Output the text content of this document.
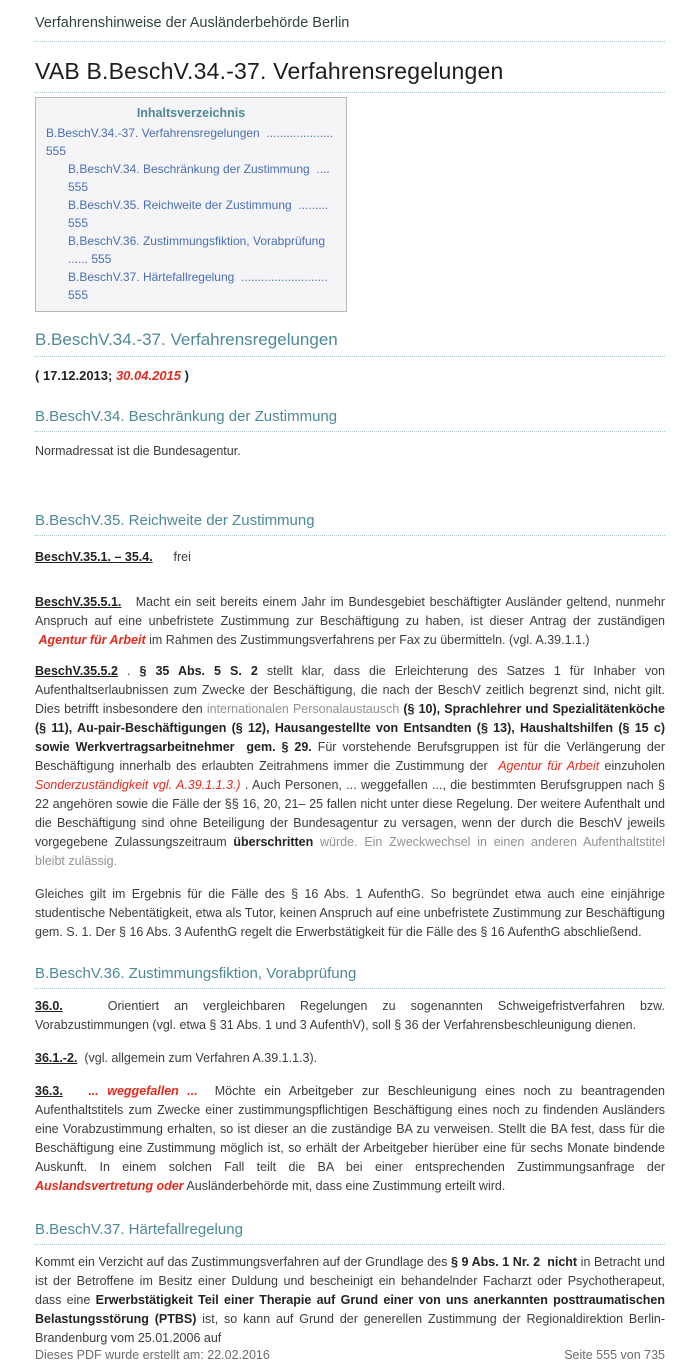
Verfahrenshinweise der Ausländerbehörde Berlin
VAB B.BeschV.34.-37. Verfahrensregelungen
Inhaltsverzeichnis
B.BeschV.34.-37. Verfahrensregelungen  .................... 555
B.BeschV.34. Beschränkung der Zustimmung  .... 555
B.BeschV.35. Reichweite der Zustimmung  ......... 555
B.BeschV.36. Zustimmungsfiktion, Vorabprüfung  ...... 555
B.BeschV.37. Härtefallregelung  .......................... 555
B.BeschV.34.-37. Verfahrensregelungen

( 17.12.2013; 30.04.2015 )

B.BeschV.34. Beschränkung der Zustimmung

Normadressat ist die Bundesagentur.

B.BeschV.35. Reichweite der Zustimmung

BeschV.35.1. – 35.4.      frei

BeschV.35.5.1.   Macht ein seit bereits einem Jahr im Bundesgebiet beschäftigter Ausländer geltend, nunmehr Anspruch auf eine unbefristete Zustimmung zur Beschäftigung zu haben, ist dieser Antrag der zuständigen  Agentur für Arbeit im Rahmen des Zustimmungsverfahrens per Fax zu übermitteln. (vgl. A.39.1.1.)

BeschV.35.5.2 . § 35 Abs. 5 S. 2 stellt klar, dass die Erleichterung des Satzes 1 für Inhaber von Aufenthaltserlaubnissen zum Zwecke der Beschäftigung, die nach der BeschV zeitlich begrenzt sind, nicht gilt. Dies betrifft insbesondere den internationalen Personalaustausch (§ 10), Sprachlehrer und Spezialitätenköche (§ 11), Au-pair-Beschäftigungen (§ 12), Hausangestellte von Entsandten (§ 13), Haushaltshilfen (§ 15 c) sowie Werkvertragsarbeitnehmer  gem. § 29. Für vorstehende Berufsgruppen ist für die Verlängerung der Beschäftigung innerhalb des erlaubten Zeitrahmens immer die Zustimmung der  Agentur für Arbeit einzuholen Sonderzuständigkeit vgl. A.39.1.1.3.) . Auch Personen, ... weggefallen ..., die bestimmten Berufsgruppen nach § 22 angehören sowie die Fälle der §§ 16, 20, 21– 25 fallen nicht unter diese Regelung. Der weitere Aufenthalt und die Beschäftigung sind ohne Beteiligung der Bundesagentur zu versagen, wenn der durch die BeschV jeweils vorgegebene Zulassungszeitraum überschritten würde. Ein Zweckwechsel in einen anderen Aufenthaltstitel bleibt zulässig.

Gleiches gilt im Ergebnis für die Fälle des § 16 Abs. 1 AufenthG. So begründet etwa auch eine einjährige studentische Nebentätigkeit, etwa als Tutor, keinen Anspruch auf eine unbefristete Zustimmung zur Beschäftigung gem. S. 1. Der § 16 Abs. 3 AufenthG regelt die Erwerbstätigkeit für die Fälle des § 16 AufenthG abschließend.

B.BeschV.36. Zustimmungsfiktion, Vorabprüfung

36.0.   Orientiert an vergleichbaren Regelungen zu sogenannten Schweigefristverfahren bzw. Vorabzustimmungen (vgl. etwa § 31 Abs. 1 und 3 AufenthV), soll § 36 der Verfahrensbeschleunigung dienen.

36.1.-2.  (vgl. allgemein zum Verfahren A.39.1.1.3).

36.3. ... weggefallen ...  Möchte ein Arbeitgeber zur Beschleunigung eines noch zu beantragenden Aufenthaltstitels zum Zwecke einer zustimmungspflichtigen Beschäftigung eines noch zu findenden Ausländers eine Vorabzustimmung erhalten, so ist dieser an die zuständige BA zu verweisen. Stellt die BA fest, dass für die Beschäftigung eine Zustimmung möglich ist, so erhält der Arbeitgeber hierüber eine für sechs Monate bindende Auskunft. In einem solchen Fall teilt die BA bei einer entsprechenden Zustimmungsanfrage der Auslandsvertretung oder Ausländerbehörde mit, dass eine Zustimmung erteilt wird.

B.BeschV.37. Härtefallregelung

Kommt ein Verzicht auf das Zustimmungsverfahren auf der Grundlage des § 9 Abs. 1 Nr. 2  nicht in Betracht und ist der Betroffene im Besitz einer Duldung und bescheinigt ein behandelnder Facharzt oder Psychotherapeut, dass eine Erwerbstätigkeit Teil einer Therapie auf Grund einer von uns anerkannten posttraumatischen Belastungsstörung (PTBS) ist, so kann auf Grund der generellen Zustimmung der Regionaldirektion Berlin-Brandenburg vom 25.01.2006 auf

Dieses PDF wurde erstellt am: 22.02.2016	Seite 555 von 735
